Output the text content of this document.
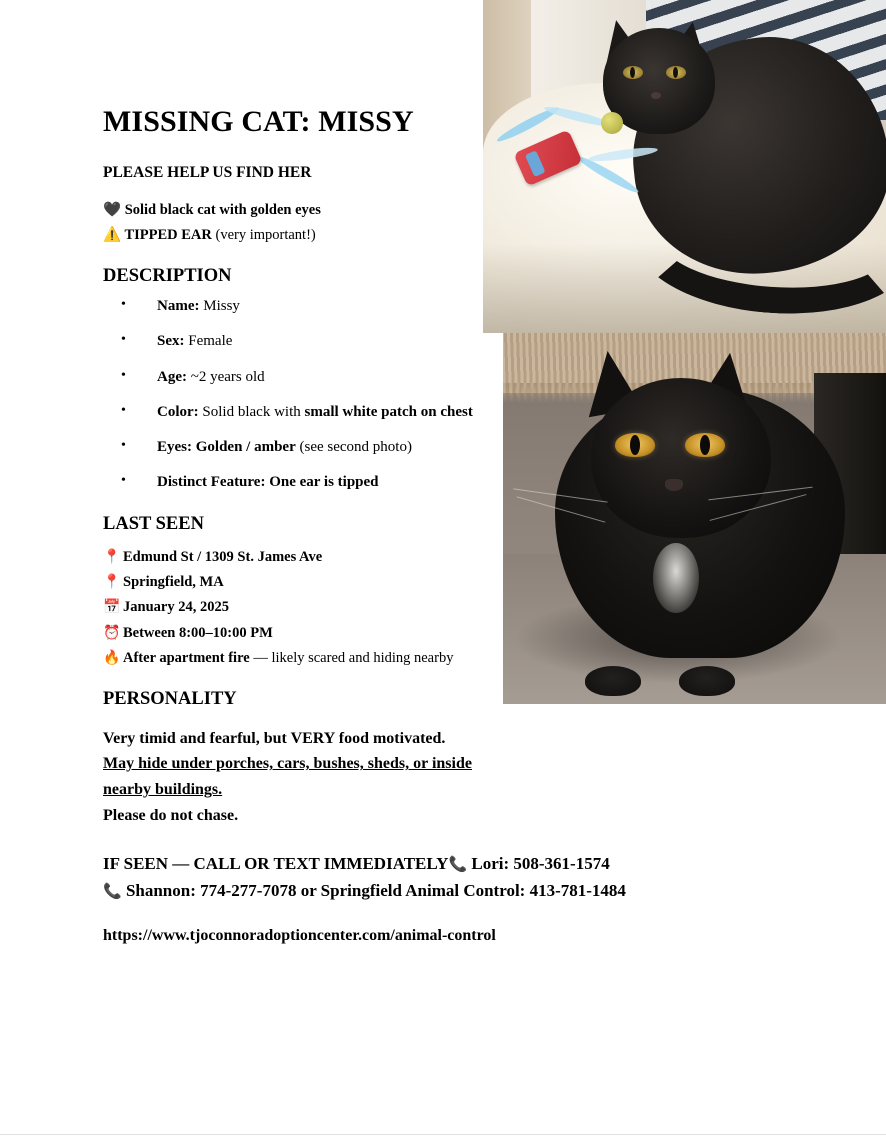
MISSING CAT: MISSY

PLEASE HELP US FIND HER

🖤 Solid black cat with golden eyes

⚠️ TIPPED EAR (very important!)

DESCRIPTION
• Name: Missy
• Sex: Female
• Age: ~2 years old
• Color: Solid black with small white patch on chest
• Eyes: Golden / amber (see second photo)
• Distinct Feature: One ear is tipped
LAST SEEN
📍 Edmund St / 1309 St. James Ave
📍 Springfield, MA
📅 January 24, 2025
⏰ Between 8:00–10:00 PM
🔥 After apartment fire — likely scared and hiding nearby
PERSONALITY
Very timid and fearful, but VERY food motivated.
May hide under porches, cars, bushes, sheds, or inside nearby buildings.
Please do not chase.
IF SEEN — CALL OR TEXT IMMEDIATELY📞 Lori: 508-361-1574
📞 Shannon: 774-277-7078 or Springfield Animal Control: 413-781-1484
https://www.tjoconnoradoptioncenter.com/animal-control
